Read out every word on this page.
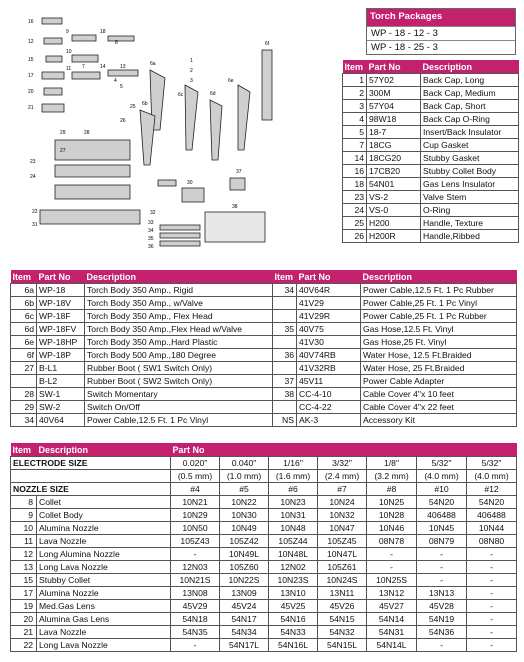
16
12
15
17
20
21
9
10
11
18
14	13
7	6a	1
2
3
5
6b
6c	6d
6e
6f
4
25
26
29	28
27
23
24
30
22
31
32
33
34
35
36
37
38
8
Torch Packages
WP - 18 - 12 - 3
WP - 18 - 25 - 3
Item	Part No	Description
1	57Y02	Back Cap, Long
2	300M	Back Cap, Medium
3	57Y04	Back Cap, Short
4	98W18	Back Cap O-Ring
5	18-7	Insert/Back Insulator
7	18CG	Cup Gasket
14	18CG20	Stubby Gasket
16	17CB20	Stubby Collet Body
18	54N01	Gas Lens Insulator
23	VS-2	Valve Stem
24	VS-0	O-Ring
25	H200	Handle, Texture
26	H200R	Handle,Ribbed
Item	Part No	Description	Item	Part No	Description
6a	WP-18	Torch Body 350 Amp., Rigid	34	40V64R	Power Cable,12.5 Ft. 1 Pc Rubber
6b	WP-18V	Torch Body 350 Amp., w/Valve		41V29	Power Cable,25 Ft. 1 Pc Vinyl
6c	WP-18F	Torch Body 350 Amp., Flex Head		41V29R	Power Cable,25 Ft. 1 Pc Rubber
6d	WP-18FV	Torch Body 350 Amp.,Flex Head w/Valve	35	40V75	Gas Hose,12.5 Ft. Vinyl
6e	WP-18HP	Torch Body 350 Amp.,Hard Plastic		41V30	Gas Hose,25 Ft. Vinyl
6f	WP-18P	Torch Body 500 Amp.,180 Degree	36	40V74RB	Water Hose, 12.5 Ft.Braided
27	B-L1	Rubber Boot ( SW1 Switch Only)		41V32RB	Water Hose, 25 Ft.Braided
	B-L2	Rubber Boot ( SW2 Switch Only)	37	45V11	Power Cable Adapter
28	SW-1	Switch Momentary	38	CC-4-10	Cable Cover 4"x 10 feet
29	SW-2	Switch On/Off		CC-4-22	Cable Cover 4"x 22 feet
34	40V64	Power Cable,12.5 Ft. 1 Pc Vinyl	NS	AK-3	Accessory Kit
Item	Description	Part No						
ELECTRODE SIZE		0.020"	0.040"	1/16"	3/32"	1/8"	5/32"	5/32"
		(0.5 mm)	(1.0 mm)	(1.6 mm)	(2.4 mm)	(3.2 mm)	(4.0 mm)	(4.0 mm)
NOZZLE SIZE		#4	#5	#6	#7	#8	#10	#12
8	Collet	10N21	10N22	10N23	10N24	10N25	54N20	54N20
9	Collet Body	10N29	10N30	10N31	10N32	10N28	406488	406488
10	Alumina Nozzle	10N50	10N49	10N48	10N47	10N46	10N45	10N44
11	Lava Nozzle	105Z43	105Z42	105Z44	105Z45	08N78	08N79	08N80
12	Long Alumina Nozzle	-	10N49L	10N48L	10N47L	-	-	-
13	Long Lava Nozzle	12N03	105Z60	12N02	105Z61	-	-	-
15	Stubby Collet	10N21S	10N22S	10N23S	10N24S	10N25S	-	-
17	Alumina Nozzle	13N08	13N09	13N10	13N11	13N12	13N13	-
19	Med.Gas Lens	45V29	45V24	45V25	45V26	45V27	45V28	-
20	Alumina Gas Lens	54N18	54N17	54N16	54N15	54N14	54N19	-
21	Lava Nozzle	54N35	54N34	54N33	54N32	54N31	54N36	-
22	Long Lava Nozzle	-	54N17L	54N16L	54N15L	54N14L	-	-
